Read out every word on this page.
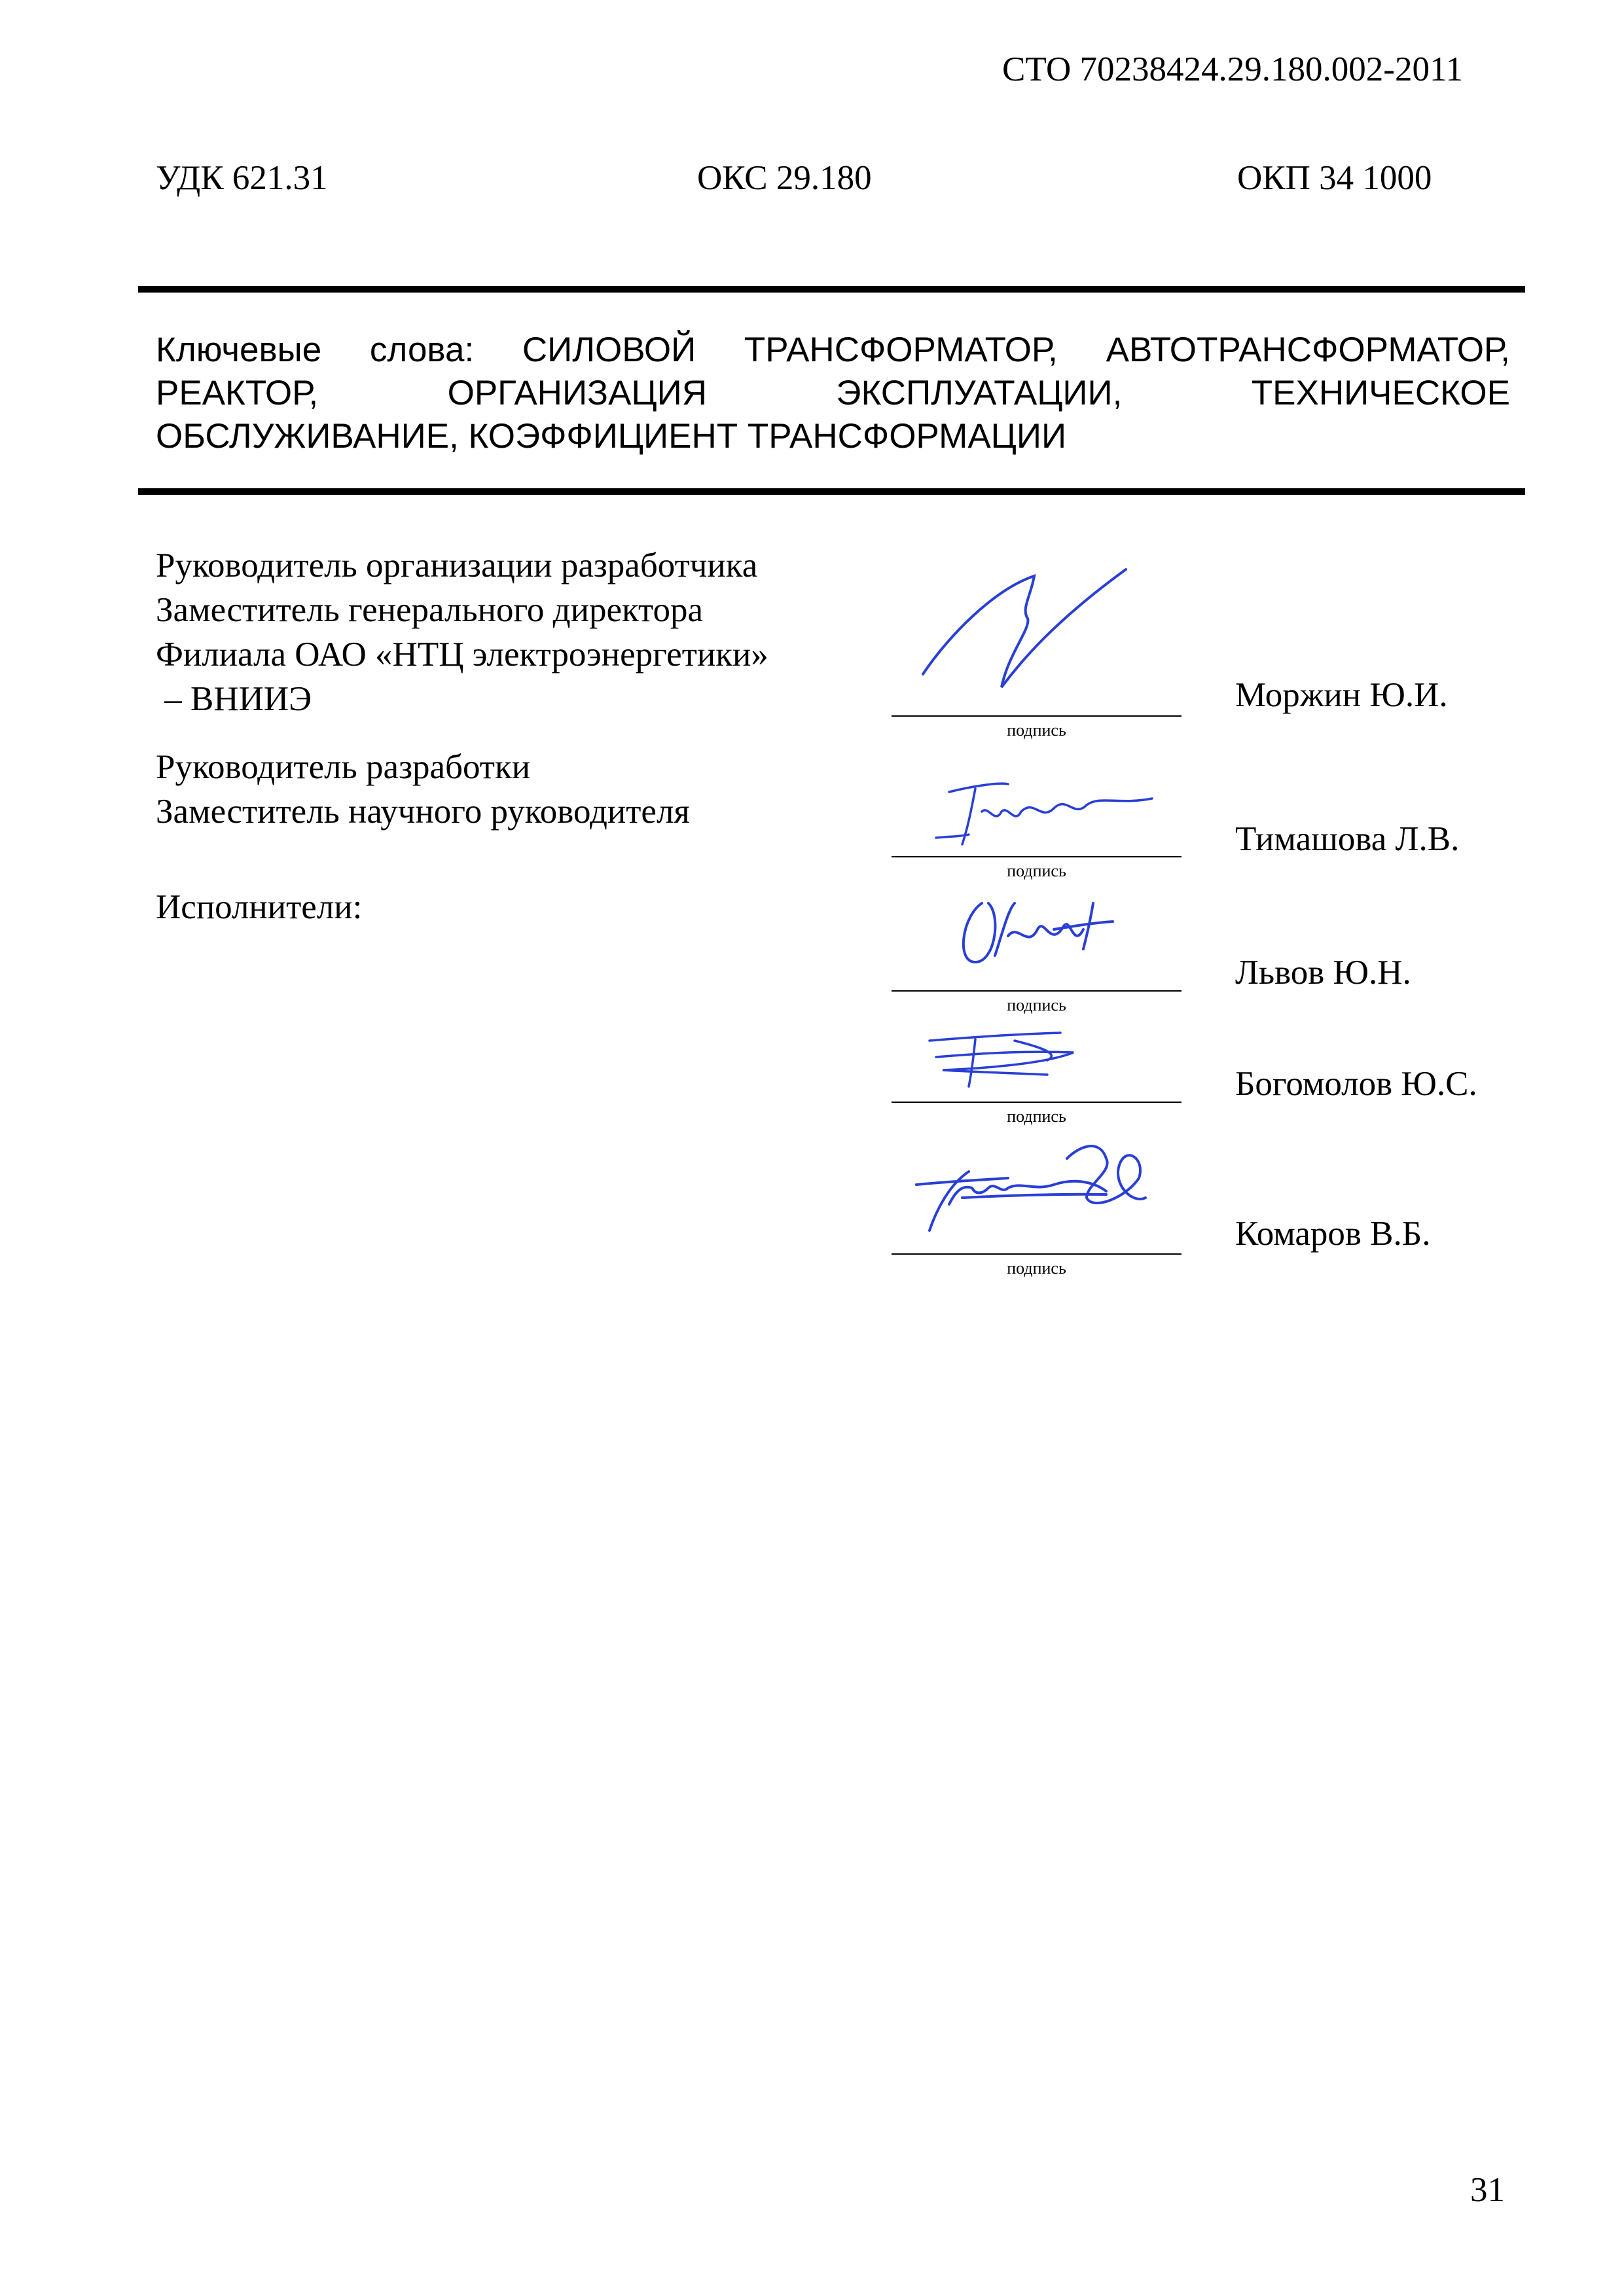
СТО 70238424.29.180.002-2011
УДК 621.31	ОКС 29.180	ОКП 34 1000
Ключевые слова: СИЛОВОЙ ТРАНСФОРМАТОР, АВТОТРАНСФОРМАТОР,
РЕАКТОР, ОРГАНИЗАЦИЯ ЭКСПЛУАТАЦИИ, ТЕХНИЧЕСКОЕ
ОБСЛУЖИВАНИЕ, КОЭФФИЦИЕНТ ТРАНСФОРМАЦИИ
Руководитель организации разработчика
Заместитель генерального директора
Филиала ОАО «НТЦ электроэнергетики»
– ВНИИЭ
Руководитель разработки
Заместитель научного руководителя
Исполнители:
подпись
Моржин Ю.И.
подпись
Тимашова Л.В.
подпись
Львов Ю.Н.
подпись
Богомолов Ю.С.
подпись
Комаров В.Б.
31
